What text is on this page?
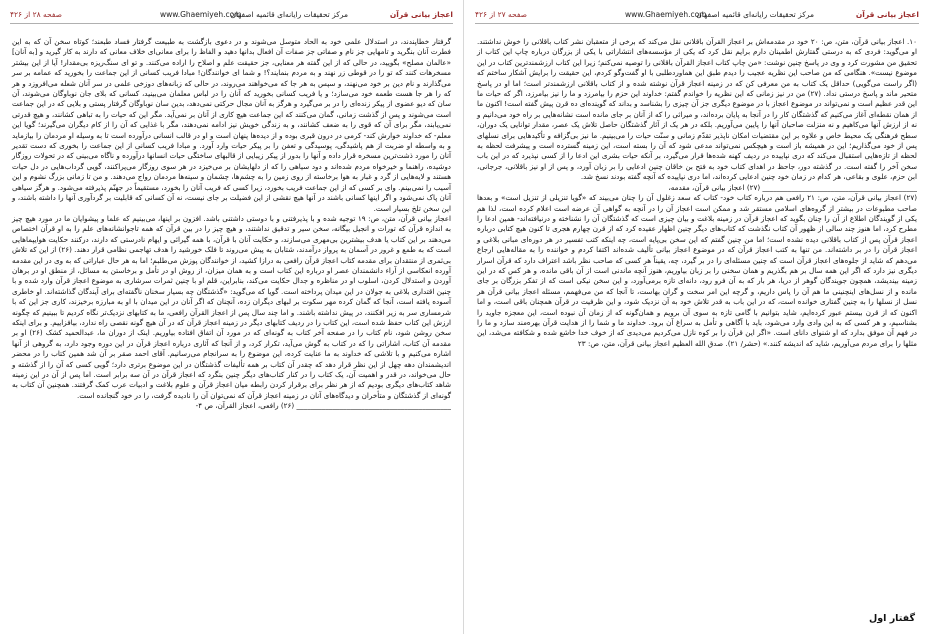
اعجاز بیانی قرآن
مرکز تحقیقات رایانه‌ای قائمیه اصفهان
www.Ghaemiyeh.com
صفحه ۲۷ از ۴۲۶

۱۰. اعجاز بیانی قرآن، متن، ص: ۲۰ خود در مقدمه‌اش بر اعجاز القرآن باقلانی نقل می‌کند که برخی از متعقبان نشر کتاب باقلانی را خوش نداشتند. او می‌گوید: فردی که به درستی گفتارش اطمینان دارم برایم نقل کرد که یکی از مؤسسه‌های انتشاراتی با یکی از بزرگان درباره چاپ این کتاب از تحقیق من مشورت کرد و وی در پاسخ چنین نوشت: «من چاپ کتاب اعجاز القرآن باقلانی را توصیه نمی‌کنم؛ زیرا این کتاب ارزشمندترین کتاب در این موضوع نیست». هنگامی که من صاحب این نظریه عجیب را دیدم طبق این هماوردطلبی با او گفت‌وگو کردم، این حقیقت را برایش آشکار ساختم که (اگر راست می‌گویی) حداقل یک کتاب به من معرفی کن که در زمینه اعجاز قرآن نوشته شده و از کتاب باقلانی ارزشمندتر است؛ اما او در پاسخ متحیر ماند و پاسخ درستی نداد. (۲۷) من در نیز زمانی که این نظریه را خواندم گفتم: خداوند این حزم را بیامرزد و ما را نیز بیامرزد، اگر که حیات ما این قدر عظیم است و نمی‌تواند در موضوع اعجاز با در موضوع دیگری جز آن چیزی را بشناسد و بداند که گوینده‌ای ده قرن پیش گفته است! اکنون ما از همان نقطه‌ای آغاز می‌کنیم که گذشتگان کار را در آنجا به پایان برده‌اند، و میراثی را که از آنان بر جای مانده است نشانه‌هایی بر راه خود می‌دانیم و نه از ارزش آنها می‌کاهیم و نه منزلت صاحبان آنها را پایین می‌آوریم. بلکه در هر یک از آثار گذشتگان حاصل تلاش یک عصر، مقدار توانایی یک دوران، سطح فرهنگی یک محیط خاص و علاوه بر این مقتضیات امکان ناپذیر تقدّم زمانی و سنّت حیات را می‌بینیم. ما نیز بی‌گزافه و تأکیدهایی برای نسلهای پس از خود می‌گذاریم؛ این در همیشه باز است و هیچکس نمی‌تواند مدعی شود که آن را بسته است، این زمینه گسترده است و پیشرفت لحظه به لحظه از تازه‌هایی استقبال می‌کند که دری نپاییده در ردیف کهنه شده‌ها قرار می‌گیرد، بر آنکه حیات بشری این ادعا را از کسی نپذیرد که در این باب سخن آخر را گفته است. در گذشته دور، جاحظ در اهدای کتاب خود به فتح بن خاقان چنین ادعایی را بر زبان آورد، و پس از او نیز باقلانی، جرجانی، ابن حزم، علوی و بقاعی، هر کدام در زمان خود چنین ادعایی کرده‌اند، اما دری نپاییده که آنچه گفته بودند نسخ شد.

___________________________________________ (۲۷) اعجاز بیانی قرآن، مقدمه،

(۲۷) اعجاز بیانی قرآن، متن، ص: ۲۱ رافعی هم درباره کتاب خود- کتاب که سعد زغلول آن را چنان می‌بیند که «گویا تنزیلی از تنزیل است» و بعدها صاحب مطبوعات در بیشتر از گروه‌های اسلامی مستقر شد و ممکن است اعجاز آن را در آنچه به گواهی آن عرضه است اعلام کرده است، لذا هم یکی از گویندگان اطلاع از آن را چنان بگوید که اعجاز قرآن در زمینه بلاغت و بیان چیزی است که گذشتگان آن را نشناخته و درنیافته‌اند- همین ادعا را مطرح کرد، اما هنوز چند سالی از ظهور آن کتاب نگذشت که کتاب‌های دیگر چنین اظهار عقیده کرد که از قرن چهارم هجری تا کنون هیچ کتابی درباره اعجاز قرآن پس از کتاب باقلانی دیده نشده است؛ اما من چنین گفتم که این سخن بی‌پایه است، چه اینکه کتب تفسیر در هر دوره‌ای مبانی بلاغی و اعجاز قرآن را در بر داشته‌اند. من تنها به کتب اعجاز قرآن که در موضوع اعجاز بیانی تألیف شده‌اند اکتفا کردم و خواننده را به مقاله‌هایی ارجاع می‌دهم که شاید از جلوه‌های اعجاز قرآن است که چنین مسئله‌ای را در بر گیرد، چه، یقیناً هر کسی که صاحب نظر باشد اعتراف دارد که قرآن اسرار دیگری نیز دارد که اگر این همه سال بر هم بگذریم و همان سخنی را بر زبان بیاوریم، هنوز آنچه ماندنی است از آن باقی مانده، و هر کس که در این زمینه بیندیشد، همچون جویندگان گوهر از دریا، هر بار که به آن فرو رود، دانه‌ای تازه برمی‌آورد، و این سخن نیکی است که از تفکر بزرگان بر جای مانده و از نسل‌های اینچنینی ما هم آن را پاس داریم، و گرچه این امر سخت و گران بهاست، تا آنجا که من می‌فهمم، مسئله اعجاز بیانی قرآن هر نسل از نسلها را به چنین گفتاری خوانده است، که در این باب به قدر تلاش خود به آن نزدیک شود، و این ظرفیت در قرآن همچنان باقی است، و اما اکنون که از قرن بیستم عبور کرده‌ایم، شاید بتوانیم با گامی تازه به سوی آن برویم و همان‌گونه که از زمان آن نبوده است، این معجزه جاوید را بشناسیم، و هر کسی که به این وادی وارد می‌شود، باید با آگاهی و تأمل به سراغ آن برود. خداوند ما و شما را از هدایت قرآن بهره‌مند سازد و ما را در فهم آن موفق بدارد که او شنوای دانای است. «اگر این قرآن را بر کوه نازل می‌کردیم می‌دیدی که از خوف خدا خاشع شده و شکافته می‌شد، این مثلها را برای مردم می‌آوریم، شاید که اندیشه کنند.» (حشر/ ۲۱). صدق الله العظیم اعجاز بیانی قرآن، متن، ص: ۲۳

گفتار اول
اعجاز بیانی قرآن
مرکز تحقیقات رایانه‌ای قائمیه اصفهان
www.Ghaemiyeh.com
صفحه ۲۸ از ۴۲۶

گرفتار خطاپندند، در استدلال علمی خود به الحاد متوسل می‌شوند و در دعوی بازگشت به طبیعت گرفتار فساد طبعند؛ کوتاه سخن آن که به این فطرت آنان بنگرید و تامهایی جز نام و صفاتی جز صفات آن افعال بدانها دهید و الفاظ را برای معانی‌ای خلاف معانی که دارند به کار گیرید و [به آنان] «عالمان مصلح» بگویید، در حالی که از این گفته هر معنایی، جز حقیقت علم و اصلاح را اراده می‌کنند. و تو ای سنگ‌ریزه بی‌مقدار! آیا از این بیشتر مسخرهات کنند که تو را در قوطی زر نهند و به مردم بنمایند؟! و شما ای خوانندگان! مبادا فریب کسانی از این جماعت را بخورید که عمامه بر سر می‌گذارند و نام دین بر خود می‌نهند، و سپس به هر جا که می‌خواهند می‌روند، در حالی که زبانه‌های دوزخی علمی در سر آنان شعله می‌افروزد و هر که را هر جا هست طعمه خود می‌سازد؛ و یا فریب کسانی بخورید که آنان را در لباس معلمان می‌بینید، کسانی که بلای جان نوباوگان می‌شوند، آن سان که دیو عضوی از پیکر زنده‌ای را در بر می‌گیرد و هرگز به آنان مجال حرکتی نمی‌دهد، بدین سان نوباوگان گرفتار پستی و بلایی که در این جماعت است می‌شوند و پس از گذشت زمانی، گمان می‌کنند که این جماعت هیچ کاری از آنان بر نمی‌آید. مگر این که حیات را به تباهی کشانند، و هیچ قدرتی نمی‌یابند، مگر برای آن که قوی را به ضعف کشانند، و به زندگی خویش نیز ادامه نمی‌دهند، مگر با غذایی که آن را از کام دیگران می‌گیرند؛ گویا این معلم- که خداوند خوارش کند- کرمی در درون قبری بوده و از دیده‌ها پنهان است و او در قالب انسانی درآورده است تا به وسیله او مردمان را بیازماید و به واسطه او ضربت از هم پاشیدگی، پوسیدگی و تعفن را بر پیکر حیات وارد آورد. و مبادا فریب کسانی از این جماعت را بخوری که دست تقدیر آنان را مورد ذشت‌ترین مسخره قرار داده و آنها را بدور از پیکر زیبایی از قالبهای ساختگی حیات انسانها درآورده و ناگاه می‌بینی که در تحولات روزگار دوشیده، راهنما و خیرخواه مردم شده‌اند و دود سیاهی را که از دلهایشان بر می‌خیزد در هر سوی روزگار می‌پراکنند، گویی گرداب‌هایی در دل حیات هستند و لایه‌هایی از گرد و غبار به هوا برخاسته از روی زمین را به چشم‌ها، چشمان و سینه‌ها مردمان رواج می‌دهند. و من تا زمانی بزرگ نشوم و این آسیب را نمی‌بینم. وای بر کسی که از این جماعت فریب بخورد، زیرا کسی که فریب آنان را بخورد، مستقیماً در جهنّم پذیرفته می‌شود. و هرگز سیاهی آنان پاک نمی‌شود و اگر اینها کسانی باشند در آنها هیچ نقشی از این فضیلت بر جای نیست، نه آن کسانی که قابلیت بر گردآوری آنها را داشته باشند، و این سخن تلخ بسیار است.

اعجاز بیانی قرآن، متن، ص: ۱۹ توجیه شده و با پذیرفتنی و با دوستی داشتنی باشد. افزون بر اینها، می‌بینیم که علما و پیشوایان ما در مورد هیچ چیز به اندازه قرآن که تورات و انجیل بیگانه، سخن سیر و تدقیق نداشتند، و هیچ چیز را در بین قرآن که همه تاجوانشانه‌های علم را به او قرآن اختصاص می‌دهند بر این کتاب یا هدف بیشترین بی‌مهری می‌سازند، و حکایت آنان با قرآن، با همه گیرائی و ایهام نادرستی که دارند، درکنند حکایت هوایپماهایی است که به طمع و غرور در آسمان به پرواز درآمدند، شتابان به پیش می‌روند تا فلک خورشید را هدف تهاجمی نظامی قرار دهند. (۲۶) از این که تلاش بی‌ثمری از منتقدان برای مقدمه کتاب اعجاز قرآن رافعی به درازا کشید، از خوانندگان پوزش می‌طلبم؛ اما به هر حال عباراتی که به وی در این مقدمه آورده انعکاسی از آراء دانشمندان عصر او درباره این کتاب است و به همان میزان، از روش او در تأمل و برخاستن به مسائل، از منطق او در برهان آوردن و استدلال کردن، اسلوب او در مناظره و جدال حکایت می‌کند، بنابراین، قلم او با چنین ثمرات سرشاری به موضوع اعجاز قرآن وارد شده و با چنین اقتداری بلاغی به جولان در این میدان پرداخته است. گویا که می‌گوید: «گذشتگان چه بسیار سخنان ناگفته‌ای برای آیندگان گذاشته‌اند. او خاطری آسوده یافته است، آنجا که گمان کرده مهر سکوت بر لبهای دیگران زده، آنچنان که اگر آنان در این میدان با او به مبارزه برخیزند، کاری جز این که با شرمساری سر به زیر افکنند، در پیش نداشته باشند. و اما چند سال پس از اعجاز القرآن رافعی، ما به کتابهای نزدیک‌تر نگاه کردیم تا ببینیم که چگونه ارزش این کتاب حفظ شده است، این کتاب را در ردیف کتابهای دیگر در زمینه اعجاز قرآن که در آن هیچ گونه نقصی راه ندارد، بیافزاییم. و برای اینکه سخن روشن شود، نام کتاب را در صفحه آخر کتاب به گونه‌ای که در مورد آن اتفاق افتاده بیاوریم. اینک از دوران ما، عبدالحمید کشک (۲۶) او بر مقدمه آن کتاب، اشاراتی را که در کتاب به گوش می‌آید، تکرار کرد، و از آنجا که آثاری درباره اعجاز قرآن در این دوره وجود دارد، به گروهی از آنها اشاره می‌کنیم و با تلاشی که خداوند به ما عنایت کرده، این موضوع را به سرانجام می‌رسانیم. آقای احمد صقر بر آن شد همین کتاب را در محضر اندیشمندان دهه چهل از این نظر قرار دهد که چقدر آن کتاب بر همه تألیفات گذشتگان در این موضوع برتری دارد؛ گویی کسی که آن را از گذشته و حال می‌خواند، در قدر و اهمیت آن، یک کتاب را در کنار کتاب‌های دیگر چنین بنگرد که اعجاز قرآن در آن سه برابر است. اما پس از آن در این زمینه شاهد کتاب‌های دیگری بودیم که از هر نظر برای برقرار کردن رابطه میان اعجاز قرآن و علوم بلاغت و ادبیات عرب کمک گرفتند. همچنین آن کتاب به گونه‌ای از گذشتگان و متأخران و دیدگاه‌های آنان در زمینه اعجاز قرآن که نمی‌توان آن را نادیده گرفت، را در خود گنجانده است.

___________________________________________ (۲۶) رافعی، اعجاز القرآن، ص ۴-
